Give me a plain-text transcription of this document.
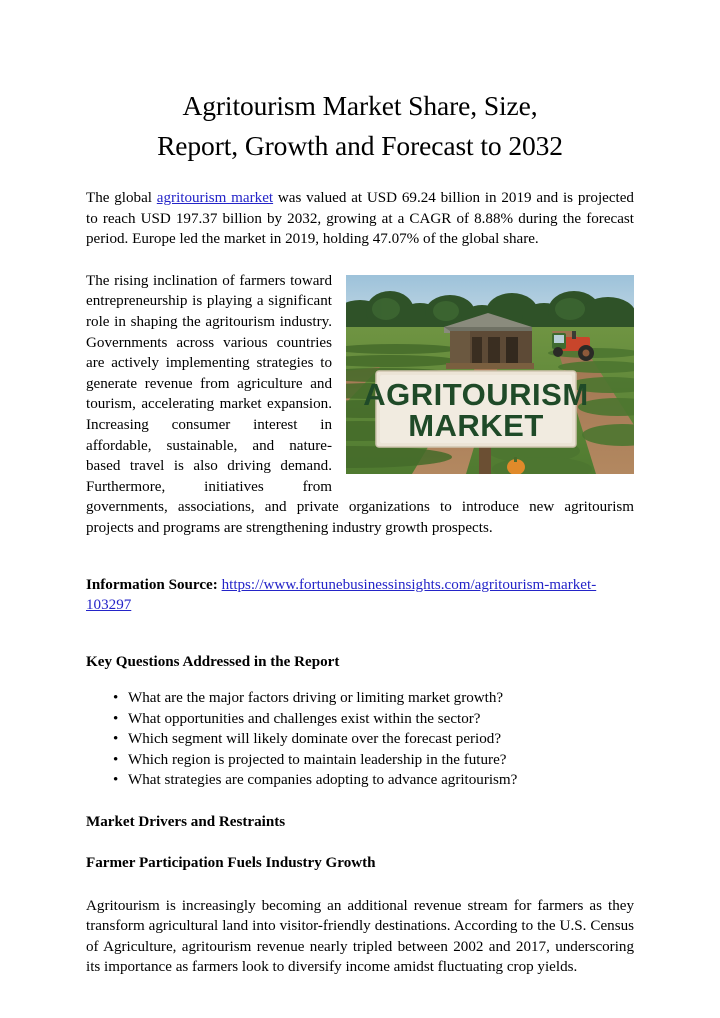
Agritourism Market Share, Size,
Report, Growth and Forecast to 2032

The global agritourism market was valued at USD 69.24 billion in 2019 and is projected to reach USD 197.37 billion by 2032, growing at a CAGR of 8.88% during the forecast period. Europe led the market in 2019, holding 47.07% of the global share.

AGRITOURISM
MARKET

The rising inclination of farmers toward entrepreneurship is playing a significant role in shaping the agritourism industry. Governments across various countries are actively implementing strategies to generate revenue from agriculture and tourism, accelerating market expansion. Increasing consumer interest in affordable, sustainable, and nature-based travel is also driving demand. Furthermore, initiatives from governments, associations, and private organizations to introduce new agritourism projects and programs are strengthening industry growth prospects.

Information Source: https://www.fortunebusinessinsights.com/agritourism-market-103297

Key Questions Addressed in the Report
• What are the major factors driving or limiting market growth?
• What opportunities and challenges exist within the sector?
• Which segment will likely dominate over the forecast period?
• Which region is projected to maintain leadership in the future?
• What strategies are companies adopting to advance agritourism?
Market Drivers and Restraints
Farmer Participation Fuels Industry Growth

Agritourism is increasingly becoming an additional revenue stream for farmers as they transform agricultural land into visitor-friendly destinations. According to the U.S. Census of Agriculture, agritourism revenue nearly tripled between 2002 and 2017, underscoring its importance as farmers look to diversify income amidst fluctuating crop yields.
